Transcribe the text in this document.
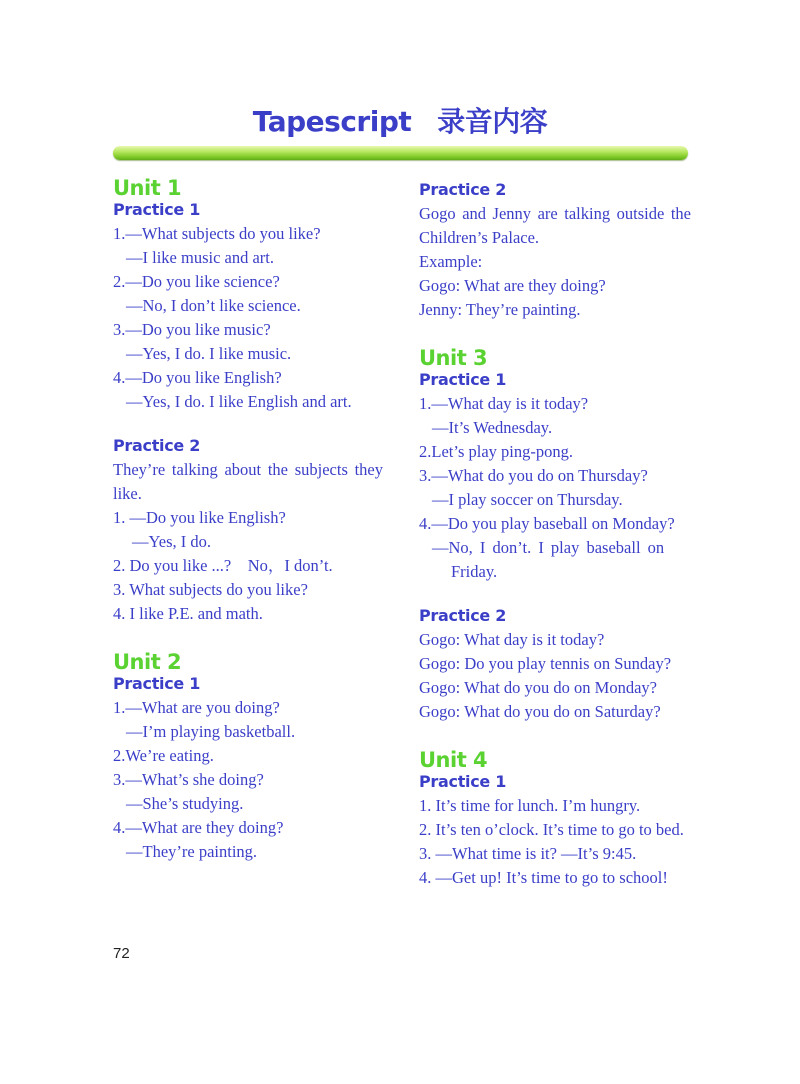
Tapescript 录音内容
Unit 1
Practice 1

1.—What subjects do you like?

—I like music and art.

2.—Do you like science?

—No, I don’t like science.

3.—Do you like music?

—Yes, I do. I like music.

4.—Do you like English?

—Yes, I do. I like English and art.

Practice 2

They’re talking about the subjects they like.

1. —Do you like English?

—Yes, I do.

2. Do you like ...?    No，I don’t.

3. What subjects do you like?

4. I like P.E. and math.

Unit 2
Practice 1

1.—What are you doing?

—I’m playing basketball.

2.We’re eating.

3.—What’s she doing?

—She’s studying.

4.—What are they doing?

—They’re painting.

Practice 2

Gogo and Jenny are talking outside the Children’s Palace.

Example:

Gogo: What are they doing?

Jenny: They’re painting.

Unit 3
Practice 1

1.—What day is it today?

—It’s Wednesday.

2.Let’s play ping-pong.

3.—What do you do on Thursday?

—I play soccer on Thursday.

4.—Do you play baseball on Monday?

—No, I don’t. I play baseball on

Friday.

Practice 2

Gogo: What day is it today?

Gogo: Do you play tennis on Sunday?

Gogo: What do you do on Monday?

Gogo: What do you do on Saturday?

Unit 4
Practice 1

1. It’s time for lunch. I’m hungry.

2. It’s ten o’clock. It’s time to go to bed.

3. —What time is it? —It’s 9:45.

4. —Get up! It’s time to go to school!

72
